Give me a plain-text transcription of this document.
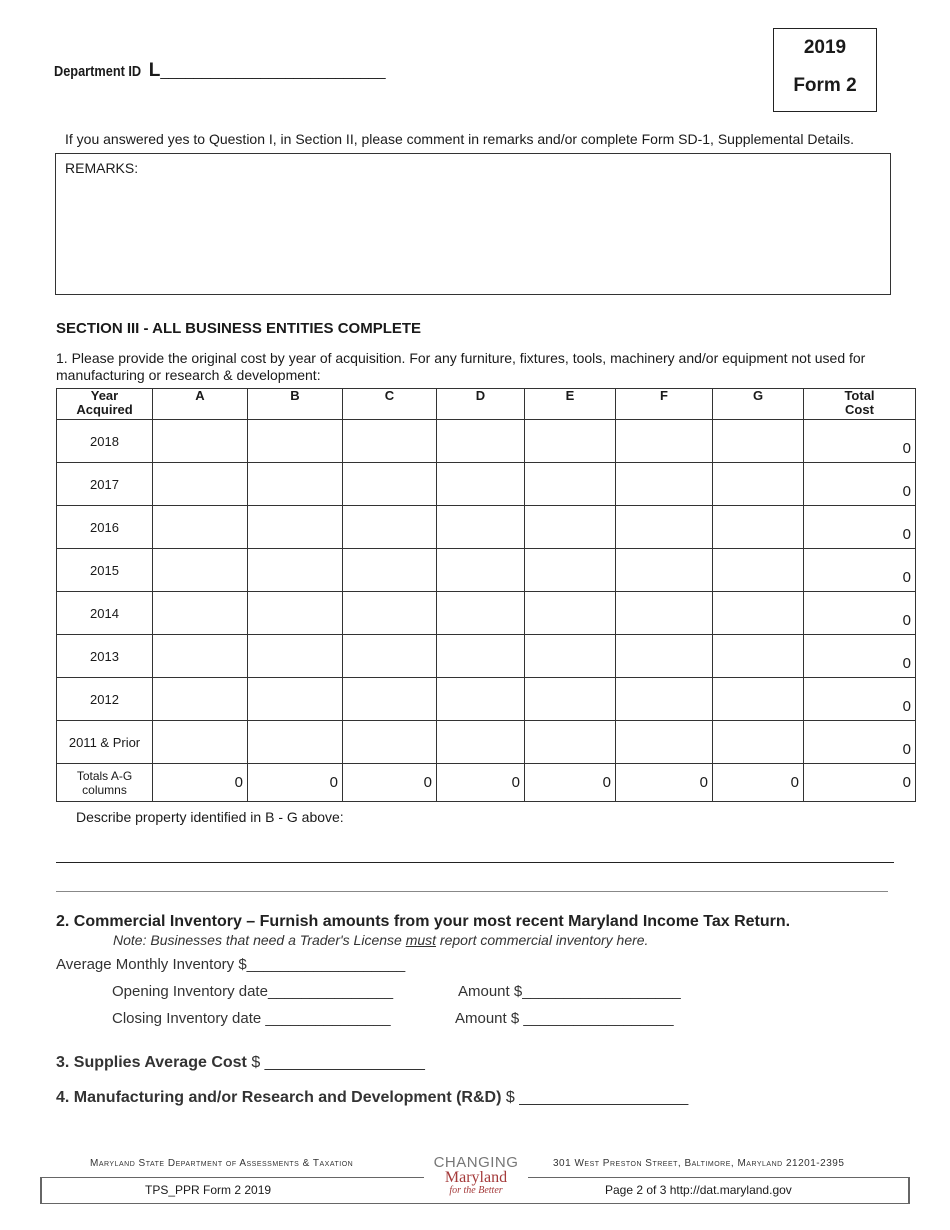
Department ID L___________________________
2019
Form 2
If you answered yes to Question I, in Section II, please comment in remarks and/or complete Form SD-1, Supplemental Details.
REMARKS:
SECTION III - ALL BUSINESS ENTITIES COMPLETE
1. Please provide the original cost by year of acquisition. For any furniture, fixtures, tools, machinery and/or equipment not used for manufacturing or research & development:
Year
Acquired	A	B	C	D	E	F	G	Total
Cost
2018								0
2017								0
2016								0
2015								0
2014								0
2013								0
2012								0
2011 & Prior								0
Totals A-G
columns	0	0	0	0	0	0	0	0
Describe property identified in B - G above:
2. Commercial Inventory – Furnish amounts from your most recent Maryland Income Tax Return.
Note: Businesses that need a Trader's License must report commercial inventory here.
Average Monthly Inventory $___________________
Opening Inventory date_______________	Amount $___________________
Closing Inventory date _______________	Amount $ __________________
3. Supplies Average Cost $ __________________
4. Manufacturing and/or Research and Development (R&D) $ ___________________
Maryland State Department of Assessments & Taxation	301 West Preston Street, Baltimore, Maryland 21201-2395
CHANGING
Maryland
for the Better
TPS_PPR Form 2 2019	Page 2 of 3 http://dat.maryland.gov
